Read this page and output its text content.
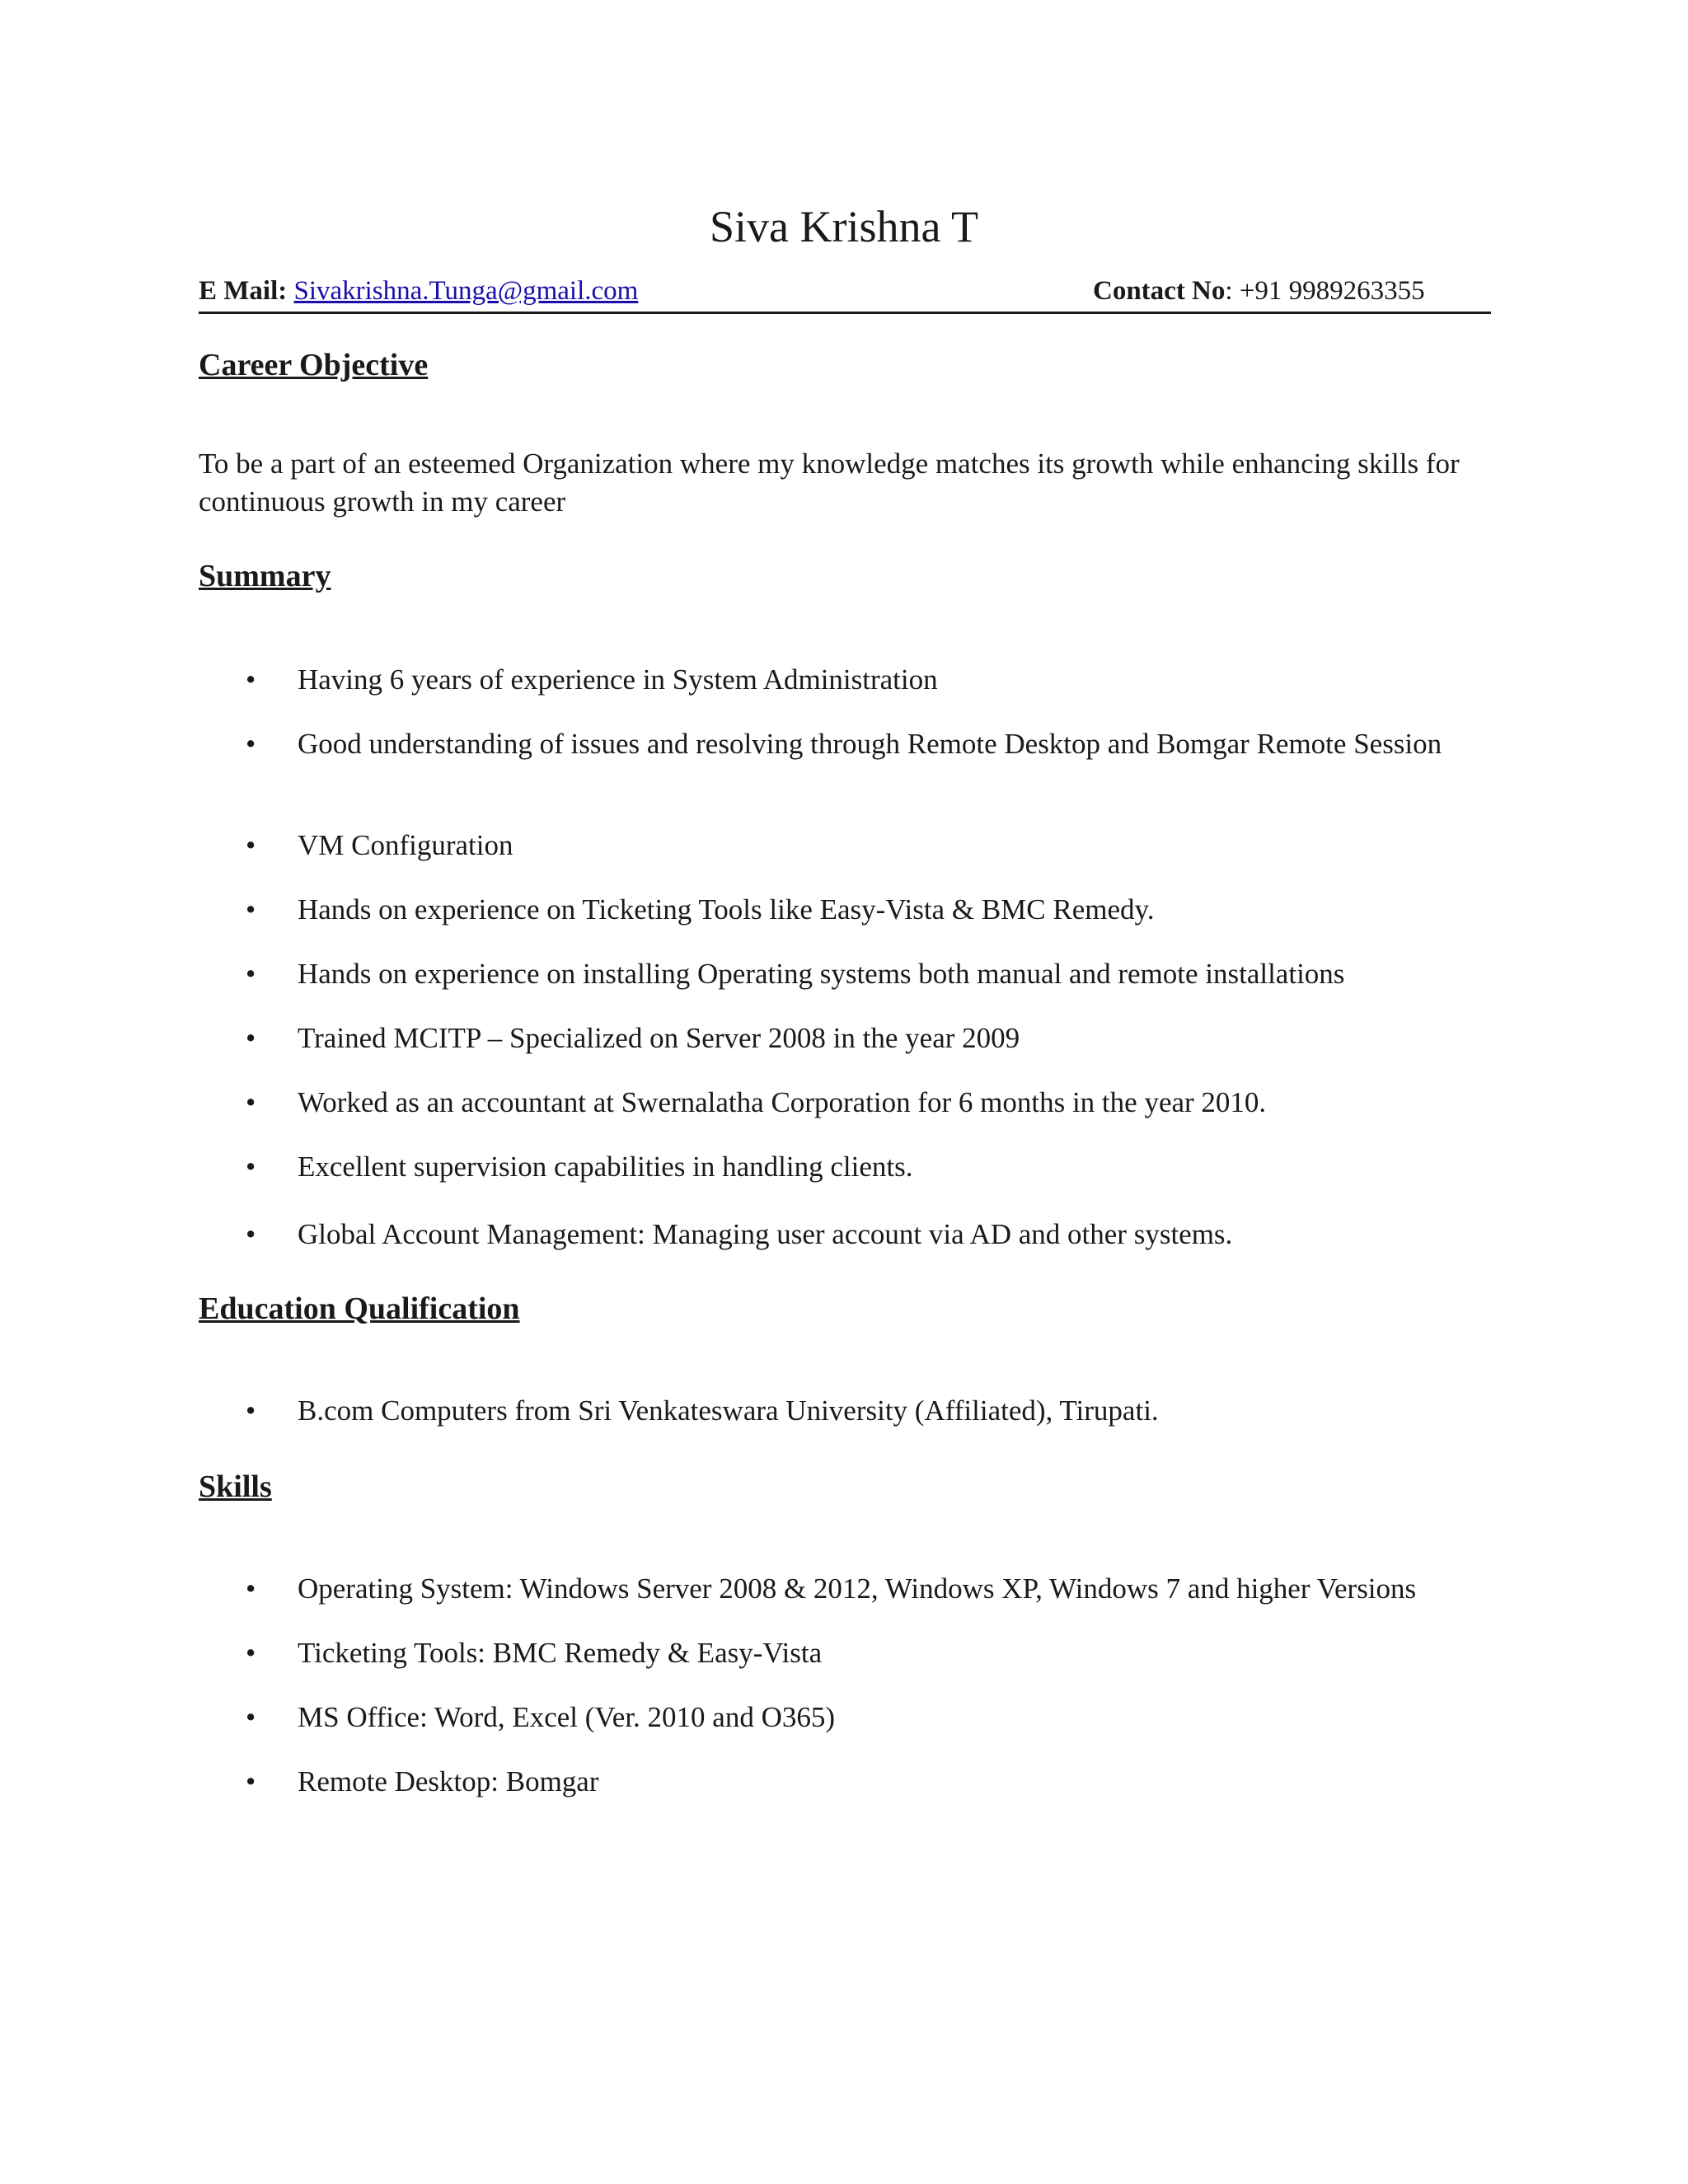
Siva Krishna T
E Mail: Sivakrishna.Tunga@gmail.com	Contact No: +91 9989263355
Career Objective
To be a part of an esteemed Organization where my knowledge matches its growth while enhancing skills for continuous growth in my career
Summary
• Having 6 years of experience in System Administration
• Good understanding of issues and resolving through Remote Desktop and Bomgar Remote Session
• VM Configuration
• Hands on experience on Ticketing Tools like Easy-Vista & BMC Remedy.
• Hands on experience on installing Operating systems both manual and remote installations
• Trained MCITP – Specialized on Server 2008 in the year 2009
• Worked as an accountant at Swernalatha Corporation for 6 months in the year 2010.
• Excellent supervision capabilities in handling clients.
• Global Account Management: Managing user account via AD and other systems.
Education Qualification
• B.com Computers from Sri Venkateswara University (Affiliated), Tirupati.
Skills
• Operating System: Windows Server 2008 & 2012, Windows XP, Windows 7 and higher Versions
• Ticketing Tools: BMC Remedy & Easy-Vista
• MS Office: Word, Excel (Ver. 2010 and O365)
• Remote Desktop: Bomgar
